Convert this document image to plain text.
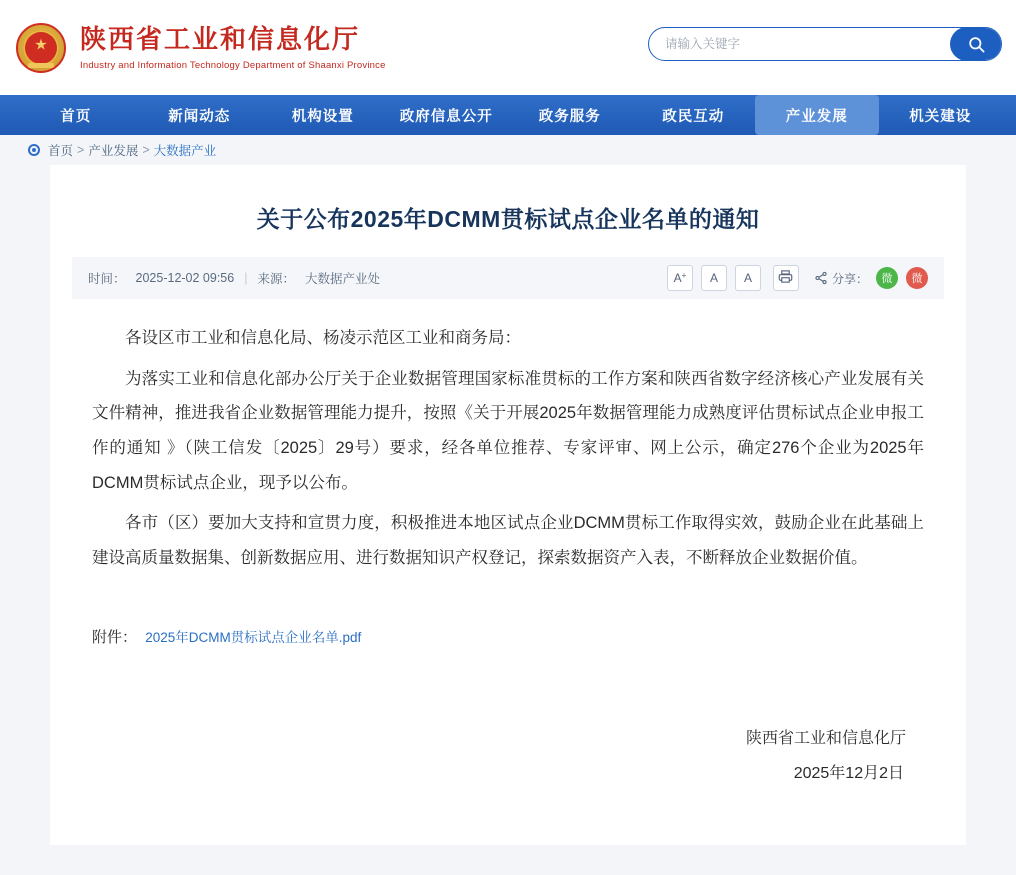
★ 陕西省工业和信息化厅
Industry and Information Technology Department of Shaanxi Province
请输入关键字
首页	新闻动态	机构设置	政府信息公开	政务服务	政民互动	产业发展	机关建设
首页 > 产业发展 > 大数据产业
关于公布2025年DCMM贯标试点企业名单的通知
时间： 2025-12-02 09:56 | 来源： 大数据产业处	A+	A	A	分享：	微	微

各设区市工业和信息化局、杨凌示范区工业和商务局：

为落实工业和信息化部办公厅关于企业数据管理国家标准贯标的工作方案和陕西省数字经济核心产业发展有关文件精神，推进我省企业数据管理能力提升，按照《关于开展2025年数据管理能力成熟度评估贯标试点企业申报工作的通知 》（陕工信发〔2025〕29号）要求，经各单位推荐、专家评审、网上公示，确定276个企业为2025年DCMM贯标试点企业，现予以公布。

各市（区）要加大支持和宣贯力度，积极推进本地区试点企业DCMM贯标工作取得实效，鼓励企业在此基础上建设高质量数据集、创新数据应用、进行数据知识产权登记，探索数据资产入表，不断释放企业数据价值。

附件： 2025年DCMM贯标试点企业名单.pdf
陕西省工业和信息化厅
2025年12月2日
